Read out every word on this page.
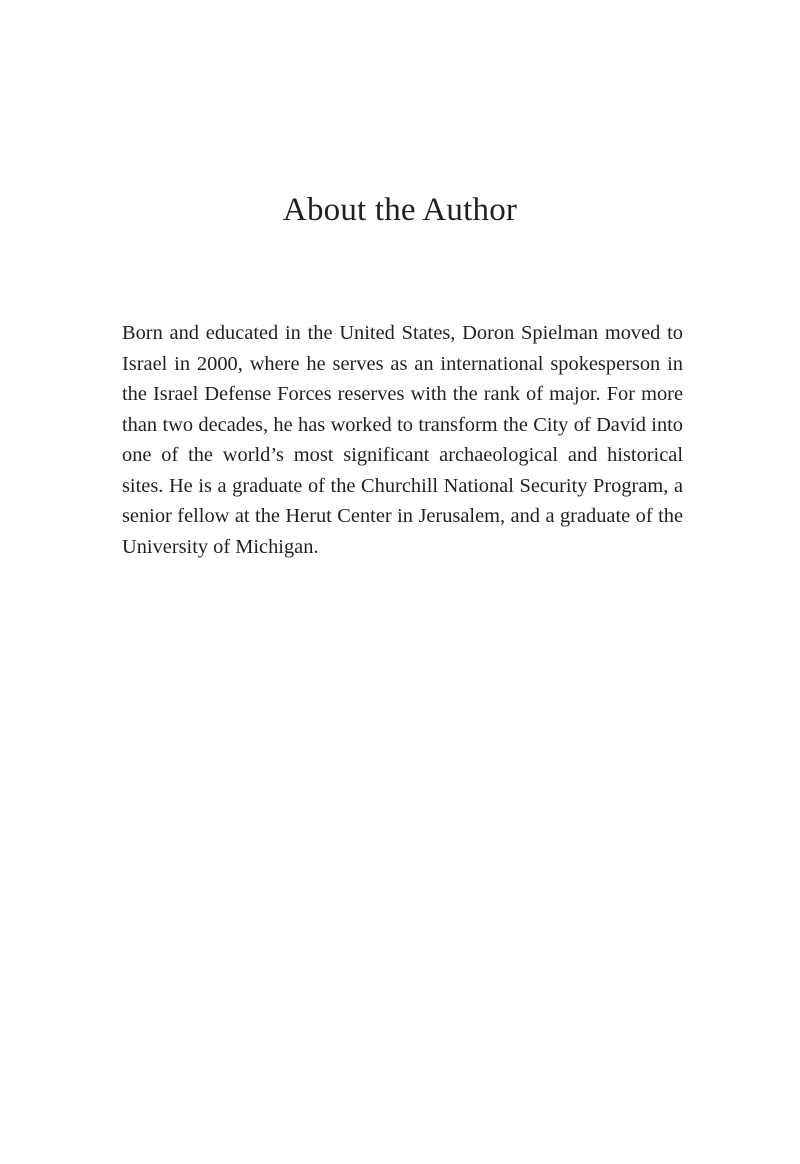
About the Author

Born and educated in the United States, Doron Spielman moved to Israel in 2000, where he serves as an international spokesperson in the Israel Defense Forces reserves with the rank of major. For more than two decades, he has worked to transform the City of David into one of the world’s most significant archaeological and historical sites. He is a graduate of the Churchill National Security Program, a senior fellow at the Herut Center in Jerusalem, and a graduate of the University of Michigan.
